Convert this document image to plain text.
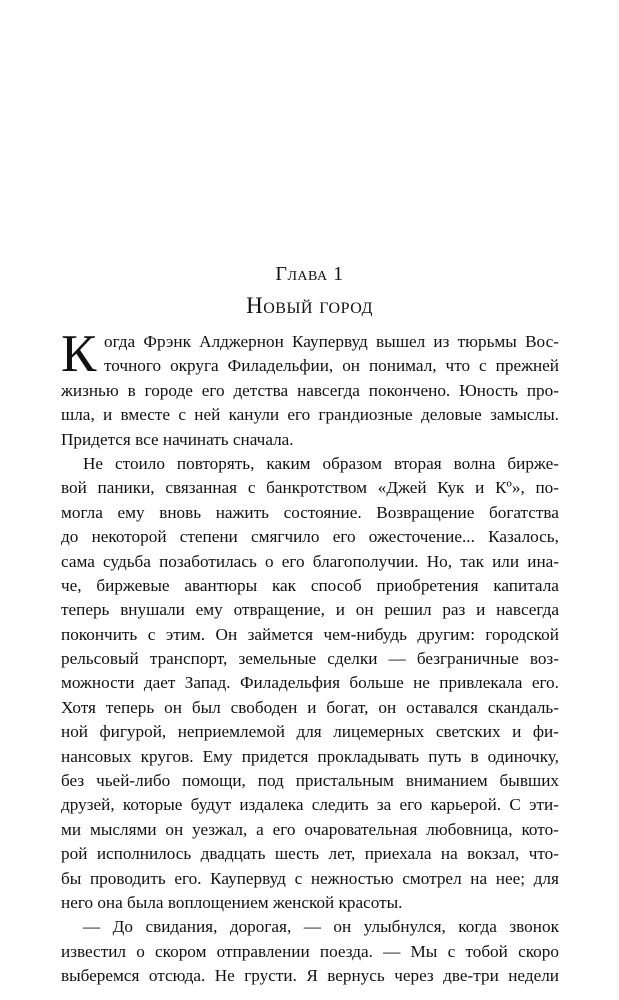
Глава 1
Новый город
К огда Фрэнк Алджернон Каупервуд вышел из тюрьмы Вос-
точного округа Филадельфии, он понимал, что с прежней
жизнью в городе его детства навсегда покончено. Юность про-
шла, и вместе с ней канули его грандиозные деловые замыслы.
Придется все начинать сначала.
Не стоило повторять, каким образом вторая волна бирже-
вой паники, связанная с банкротством «Джей Кук и Кº», по-
могла ему вновь нажить состояние. Возвращение богатства
до некоторой степени смягчило его ожесточение... Казалось,
сама судьба позаботилась о его благополучии. Но, так или ина-
че, биржевые авантюры как способ приобретения капитала
теперь внушали ему отвращение, и он решил раз и навсегда
покончить с этим. Он займется чем-нибудь другим: городской
рельсовый транспорт, земельные сделки — безграничные воз-
можности дает Запад. Филадельфия больше не привлекала его.
Хотя теперь он был свободен и богат, он оставался скандаль-
ной фигурой, неприемлемой для лицемерных светских и фи-
нансовых кругов. Ему придется прокладывать путь в одиночку,
без чьей-либо помощи, под пристальным вниманием бывших
друзей, которые будут издалека следить за его карьерой. С эти-
ми мыслями он уезжал, а его очаровательная любовница, кото-
рой исполнилось двадцать шесть лет, приехала на вокзал, что-
бы проводить его. Каупервуд с нежностью смотрел на нее; для
него она была воплощением женской красоты.
— До свидания, дорогая, — он улыбнулся, когда звонок
известил о скором отправлении поезда. — Мы с тобой скоро
выберемся отсюда. Не грусти. Я вернусь через две-три недели
